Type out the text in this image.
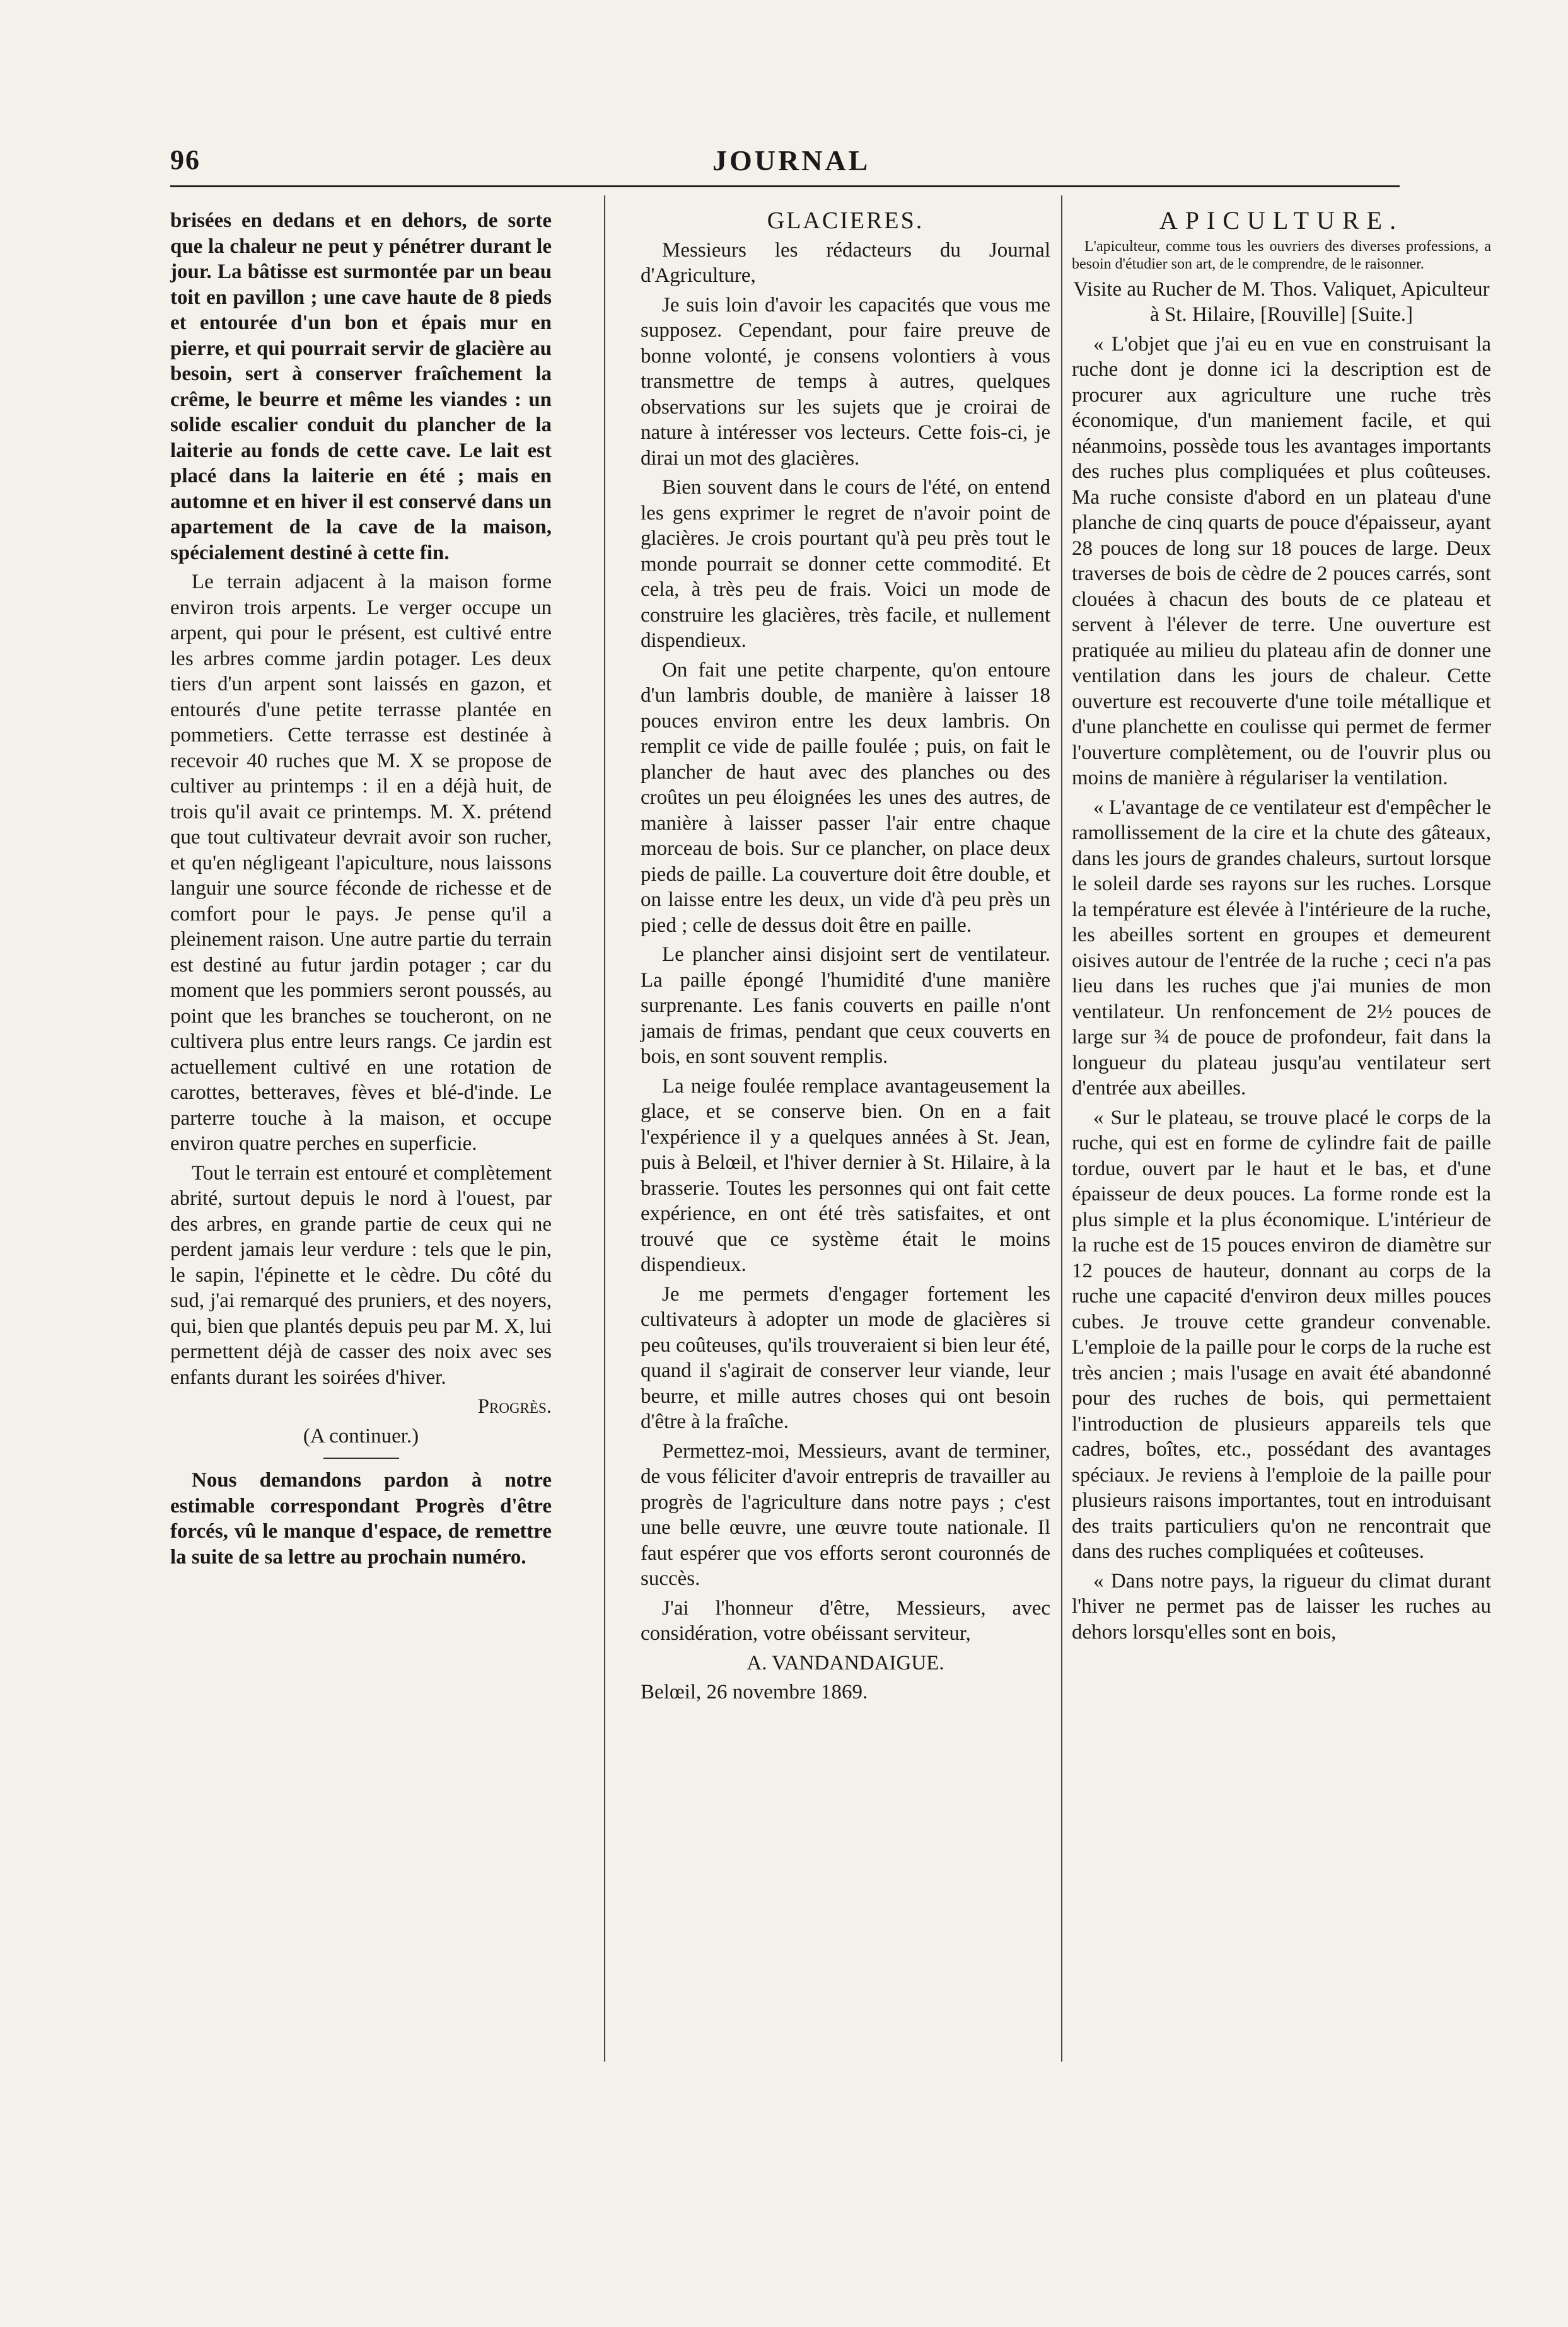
96	JOURNAL

brisées en dedans et en dehors, de sorte que la chaleur ne peut y pénétrer durant le jour. La bâtisse est surmontée par un beau toit en pavillon ; une cave haute de 8 pieds et entourée d'un bon et épais mur en pierre, et qui pourrait servir de glacière au besoin, sert à conserver fraîchement la crême, le beurre et même les viandes : un solide escalier conduit du plancher de la laiterie au fonds de cette cave. Le lait est placé dans la laiterie en été ; mais en automne et en hiver il est conservé dans un apartement de la cave de la maison, spécialement destiné à cette fin.

Le terrain adjacent à la maison forme environ trois arpents. Le verger occupe un arpent, qui pour le présent, est cultivé entre les arbres comme jardin potager. Les deux tiers d'un arpent sont laissés en gazon, et entourés d'une petite terrasse plantée en pommetiers. Cette terrasse est destinée à recevoir 40 ruches que M. X se propose de cultiver au printemps : il en a déjà huit, de trois qu'il avait ce printemps. M. X. prétend que tout cultivateur devrait avoir son rucher, et qu'en négligeant l'apiculture, nous laissons languir une source féconde de richesse et de comfort pour le pays. Je pense qu'il a pleinement raison. Une autre partie du terrain est destiné au futur jardin potager ; car du moment que les pommiers seront poussés, au point que les branches se toucheront, on ne cultivera plus entre leurs rangs. Ce jardin est actuellement cultivé en une rotation de carottes, betteraves, fèves et blé-d'inde. Le parterre touche à la maison, et occupe environ quatre perches en superficie.

Tout le terrain est entouré et complètement abrité, surtout depuis le nord à l'ouest, par des arbres, en grande partie de ceux qui ne perdent jamais leur verdure : tels que le pin, le sapin, l'épinette et le cèdre. Du côté du sud, j'ai remarqué des pruniers, et des noyers, qui, bien que plantés depuis peu par M. X, lui permettent déjà de casser des noix avec ses enfants durant les soirées d'hiver.

Progrès.

(A continuer.)

Nous demandons pardon à notre estimable correspondant Progrès d'être forcés, vû le manque d'espace, de remettre la suite de sa lettre au prochain numéro.

GLACIERES.

Messieurs les rédacteurs du Journal d'Agriculture,

Je suis loin d'avoir les capacités que vous me supposez. Cependant, pour faire preuve de bonne volonté, je consens volontiers à vous transmettre de temps à autres, quelques observations sur les sujets que je croirai de nature à intéresser vos lecteurs. Cette fois-ci, je dirai un mot des glacières.

Bien souvent dans le cours de l'été, on entend les gens exprimer le regret de n'avoir point de glacières. Je crois pourtant qu'à peu près tout le monde pourrait se donner cette commodité. Et cela, à très peu de frais. Voici un mode de construire les glacières, très facile, et nullement dispendieux.

On fait une petite charpente, qu'on entoure d'un lambris double, de manière à laisser 18 pouces environ entre les deux lambris. On remplit ce vide de paille foulée ; puis, on fait le plancher de haut avec des planches ou des croûtes un peu éloignées les unes des autres, de manière à laisser passer l'air entre chaque morceau de bois. Sur ce plancher, on place deux pieds de paille. La couverture doit être double, et on laisse entre les deux, un vide d'à peu près un pied ; celle de dessus doit être en paille.

Le plancher ainsi disjoint sert de ventilateur. La paille épongé l'humidité d'une manière surprenante. Les fanis couverts en paille n'ont jamais de frimas, pendant que ceux couverts en bois, en sont souvent remplis.

La neige foulée remplace avantageusement la glace, et se conserve bien. On en a fait l'expérience il y a quelques années à St. Jean, puis à Belœil, et l'hiver dernier à St. Hilaire, à la brasserie. Toutes les personnes qui ont fait cette expérience, en ont été très satisfaites, et ont trouvé que ce système était le moins dispendieux.

Je me permets d'engager fortement les cultivateurs à adopter un mode de glacières si peu coûteuses, qu'ils trouveraient si bien leur été, quand il s'agirait de conserver leur viande, leur beurre, et mille autres choses qui ont besoin d'être à la fraîche.

Permettez-moi, Messieurs, avant de terminer, de vous féliciter d'avoir entrepris de travailler au progrès de l'agriculture dans notre pays ; c'est une belle œuvre, une œuvre toute nationale. Il faut espérer que vos efforts seront couronnés de succès.

J'ai l'honneur d'être, Messieurs, avec considération, votre obéissant serviteur,

A. VANDANDAIGUE.

Belœil, 26 novembre 1869.

APICULTURE.

L'apiculteur, comme tous les ouvriers des diverses professions, a besoin d'étudier son art, de le comprendre, de le raisonner.

Visite au Rucher de M. Thos. Valiquet, Apiculteur à St. Hilaire, [Rouville] [Suite.]

« L'objet que j'ai eu en vue en construisant la ruche dont je donne ici la description est de procurer aux agriculture une ruche très économique, d'un maniement facile, et qui néanmoins, possède tous les avantages importants des ruches plus compliquées et plus coûteuses. Ma ruche consiste d'abord en un plateau d'une planche de cinq quarts de pouce d'épaisseur, ayant 28 pouces de long sur 18 pouces de large. Deux traverses de bois de cèdre de 2 pouces carrés, sont clouées à chacun des bouts de ce plateau et servent à l'élever de terre. Une ouverture est pratiquée au milieu du plateau afin de donner une ventilation dans les jours de chaleur. Cette ouverture est recouverte d'une toile métallique et d'une planchette en coulisse qui permet de fermer l'ouverture complètement, ou de l'ouvrir plus ou moins de manière à régulariser la ventilation.

« L'avantage de ce ventilateur est d'empêcher le ramollissement de la cire et la chute des gâteaux, dans les jours de grandes chaleurs, surtout lorsque le soleil darde ses rayons sur les ruches. Lorsque la température est élevée à l'intérieure de la ruche, les abeilles sortent en groupes et demeurent oisives autour de l'entrée de la ruche ; ceci n'a pas lieu dans les ruches que j'ai munies de mon ventilateur. Un renfoncement de 2½ pouces de large sur ¾ de pouce de profondeur, fait dans la longueur du plateau jusqu'au ventilateur sert d'entrée aux abeilles.

« Sur le plateau, se trouve placé le corps de la ruche, qui est en forme de cylindre fait de paille tordue, ouvert par le haut et le bas, et d'une épaisseur de deux pouces. La forme ronde est la plus simple et la plus économique. L'intérieur de la ruche est de 15 pouces environ de diamètre sur 12 pouces de hauteur, donnant au corps de la ruche une capacité d'environ deux milles pouces cubes. Je trouve cette grandeur convenable. L'emploie de la paille pour le corps de la ruche est très ancien ; mais l'usage en avait été abandonné pour des ruches de bois, qui permettaient l'introduction de plusieurs appareils tels que cadres, boîtes, etc., possédant des avantages spéciaux. Je reviens à l'emploie de la paille pour plusieurs raisons importantes, tout en introduisant des traits particuliers qu'on ne rencontrait que dans des ruches compliquées et coûteuses.

« Dans notre pays, la rigueur du climat durant l'hiver ne permet pas de laisser les ruches au dehors lorsqu'elles sont en bois,
